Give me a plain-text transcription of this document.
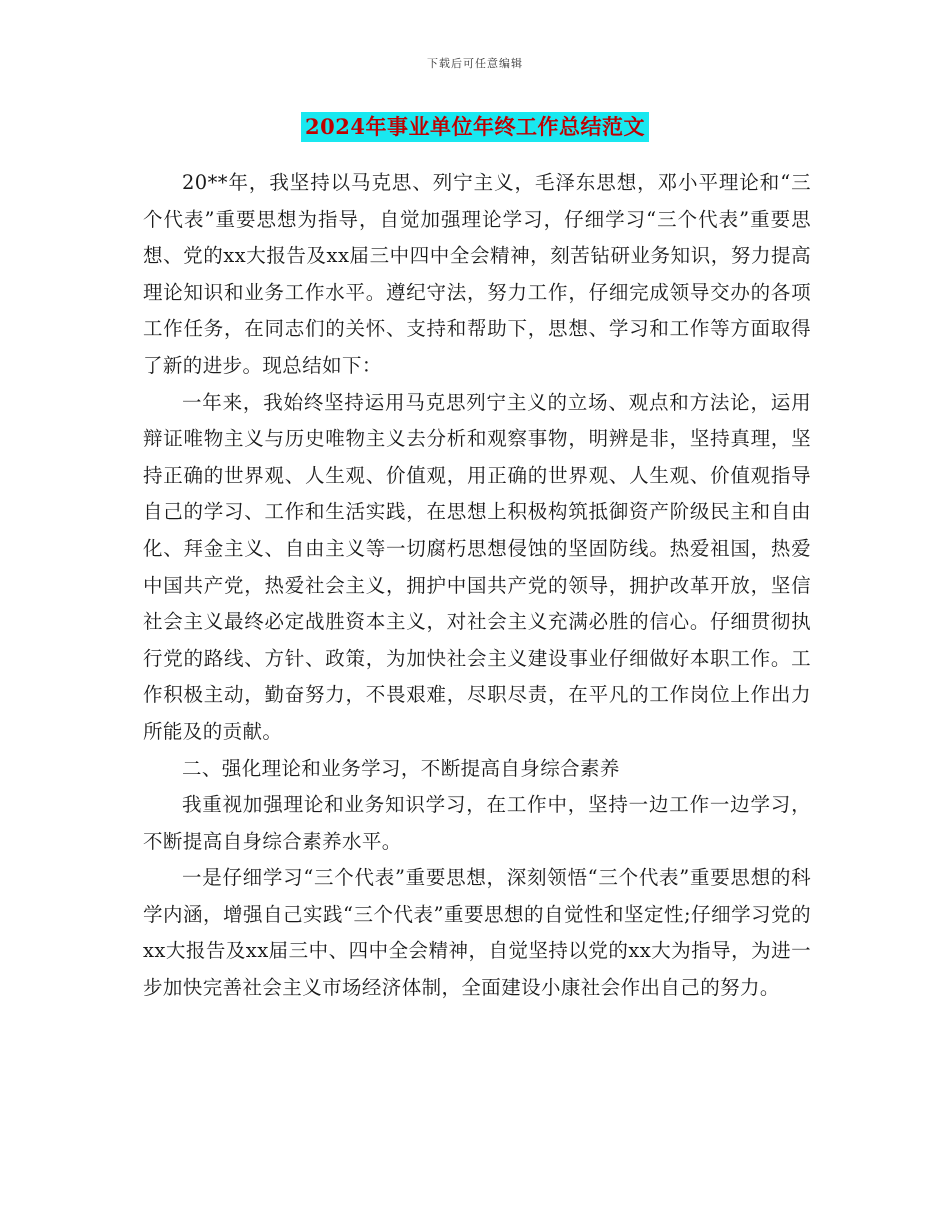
下载后可任意编辑
2024年事业单位年终工作总结范文

20**年，我坚持以马克思、列宁主义，毛泽东思想，邓小平理论和“三个代表”重要思想为指导，自觉加强理论学习，仔细学习“三个代表”重要思想、党的xx大报告及xx届三中四中全会精神，刻苦钻研业务知识，努力提高理论知识和业务工作水平。遵纪守法，努力工作，仔细完成领导交办的各项工作任务，在同志们的关怀、支持和帮助下，思想、学习和工作等方面取得了新的进步。现总结如下：

一年来，我始终坚持运用马克思列宁主义的立场、观点和方法论，运用辩证唯物主义与历史唯物主义去分析和观察事物，明辨是非，坚持真理，坚持正确的世界观、人生观、价值观，用正确的世界观、人生观、价值观指导自己的学习、工作和生活实践，在思想上积极构筑抵御资产阶级民主和自由化、拜金主义、自由主义等一切腐朽思想侵蚀的坚固防线。热爱祖国，热爱中国共产党，热爱社会主义，拥护中国共产党的领导，拥护改革开放，坚信社会主义最终必定战胜资本主义，对社会主义充满必胜的信心。仔细贯彻执行党的路线、方针、政策，为加快社会主义建设事业仔细做好本职工作。工作积极主动，勤奋努力，不畏艰难，尽职尽责，在平凡的工作岗位上作出力所能及的贡献。

二、强化理论和业务学习，不断提高自身综合素养

我重视加强理论和业务知识学习，在工作中，坚持一边工作一边学习，不断提高自身综合素养水平。

一是仔细学习“三个代表”重要思想，深刻领悟“三个代表”重要思想的科学内涵，增强自己实践“三个代表”重要思想的自觉性和坚定性;仔细学习党的xx大报告及xx届三中、四中全会精神，自觉坚持以党的xx大为指导，为进一步加快完善社会主义市场经济体制，全面建设小康社会作出自己的努力。
